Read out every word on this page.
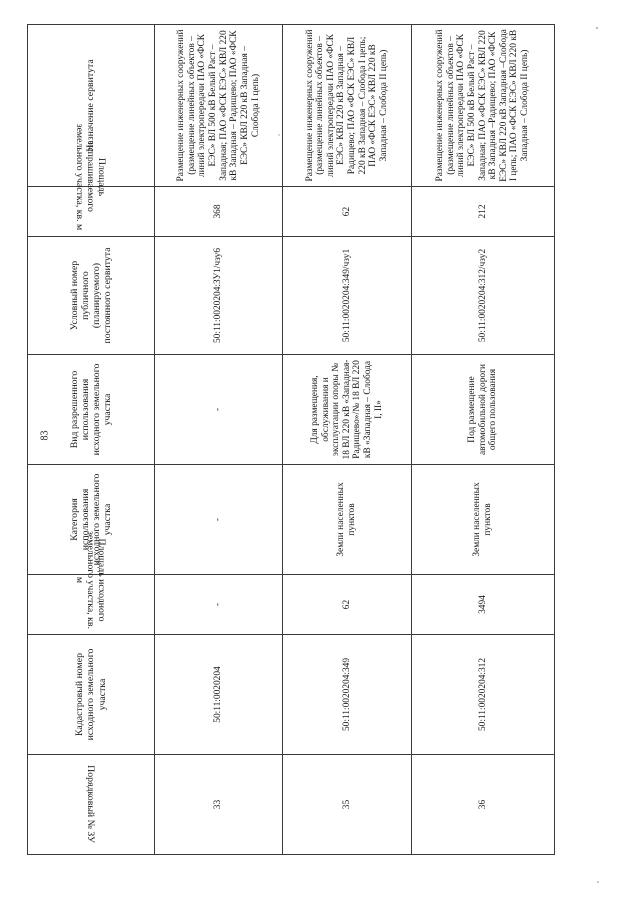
83
Порядковый № ЗУ	Кадастровый номер исходного земельного участка	Площадь исходного земельного участка, кв. м	Категория использования исходного земельного участка	Вид разрешенного использования исходного земельного участка	Условный номер публичного (планируемого) постоянного сервитута	Площадь испрашиваемого земельного участка, кв. м	Назначение сервитута
33	50:11:0020204	-	-	-	50:11:0020204:ЗУ1/чзу6	368	Размещение инженерных сооружений (размещение линейных объектов – линий электропередачи ПАО «ФСК ЕЭС» ВЛ 500 кВ Белый Раст – Западная; ПАО «ФСК ЕЭС» КВЛ 220 кВ Западная – Радищево; ПАО «ФСК ЕЭС» КВЛ 220 кВ Западная – Слобода I цепь)
35	50:11:0020204:349	62	Земли населенных пунктов	Для размещения, обслуживания и эксплуатации опоры № 18 ВЛ 220 кВ «Западная-Радищево»/№ 18 ВЛ 220 кВ «Западная – Слобода I, II»	50:11:0020204:349/чзу1	62	Размещение инженерных сооружений (размещение линейных объектов – линий электропередачи ПАО «ФСК ЕЭС» КВЛ 220 кВ Западная –Радищево; ПАО «ФСК ЕЭС» КВЛ 220 кВ Западная – Слобода I цепь; ПАО «ФСК ЕЭС» КВЛ 220 кВ Западная – Слобода II цепь)
36	50:11:0020204:312	3494	Земли населенных пунктов	Под размещение автомобильной дороги общего пользования	50:11:0020204:312/чзу2	212	Размещение инженерных сооружений (размещение линейных объектов – линий электропередачи ПАО «ФСК ЕЭС» ВЛ 500 кВ Белый Раст – Западная; ПАО «ФСК ЕЭС» КВЛ 220 кВ Западная –Радищево; ПАО «ФСК ЕЭС» КВЛ 220 кВ Западная –Слобода I цепь; ПАО «ФСК ЕЭС» КВЛ 220 кВ Западная – Слобода II цепь)
